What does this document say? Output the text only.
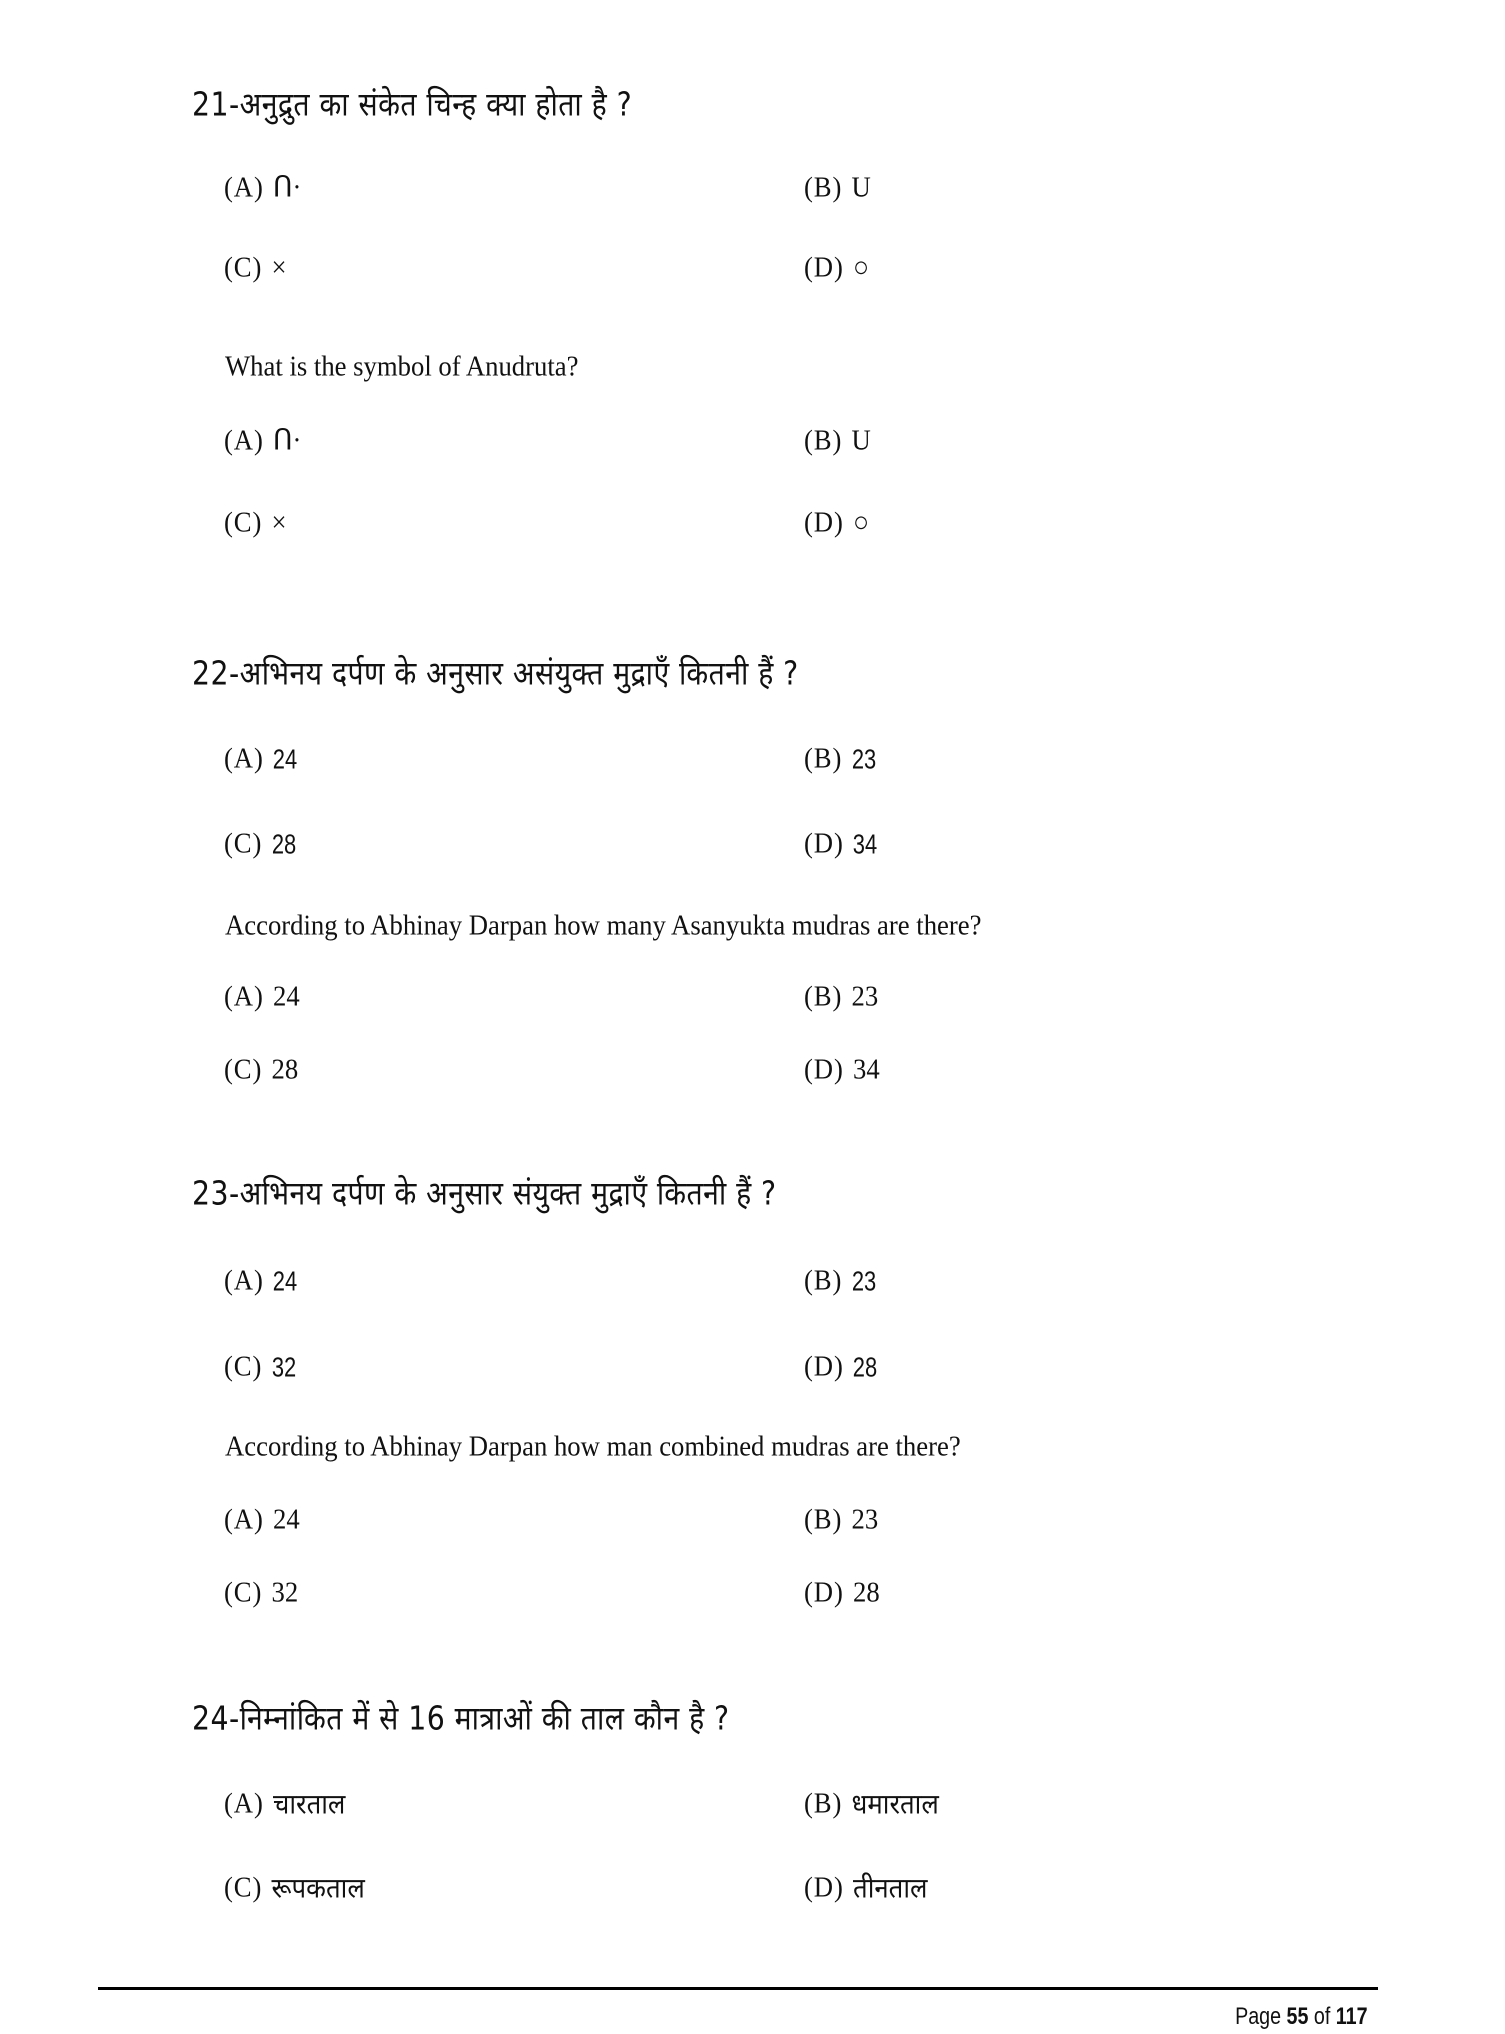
21-अनुद्रुत का संकेत चिन्ह क्या होता है ?
(A) ᑎ·	(B) U
(C) ×	(D) ○
What is the symbol of Anudruta?
(A) ᑎ·	(B) U
(C) ×	(D) ○
22-अभिनय दर्पण के अनुसार असंयुक्त मुद्राएँ कितनी हैं ?
(A) 24	(B) 23
(C) 28	(D) 34
According to Abhinay Darpan how many Asanyukta mudras are there?
(A) 24	(B) 23
(C) 28	(D) 34
23-अभिनय दर्पण के अनुसार संयुक्त मुद्राएँ कितनी हैं ?
(A) 24	(B) 23
(C) 32	(D) 28
According to Abhinay Darpan how man combined mudras are there?
(A) 24	(B) 23
(C) 32	(D) 28
24-निम्नांकित में से 16 मात्राओं की ताल कौन है ?
(A) चारताल	(B) धमारताल
(C) रूपकताल	(D) तीनताल
Page 55 of 117
